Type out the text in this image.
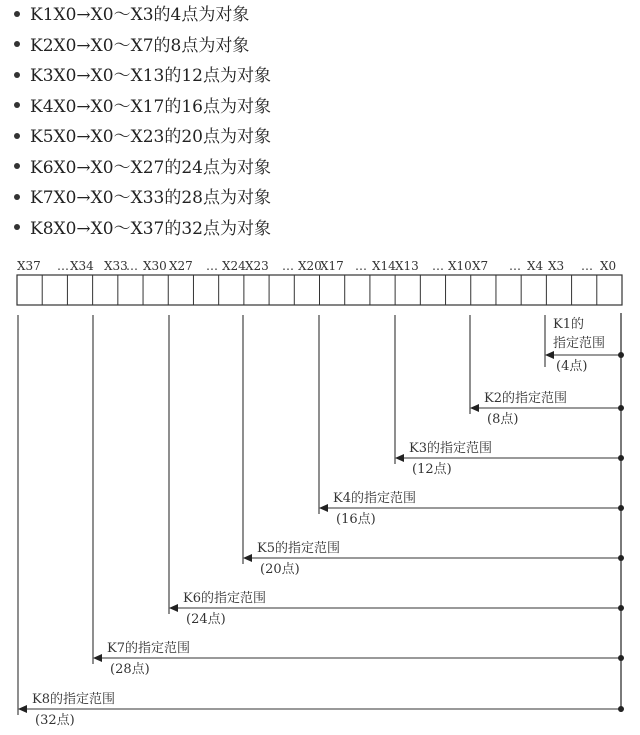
K1X0→X0～X3的4点为对象
K2X0→X0～X7的8点为对象
K3X0→X0～X13的12点为对象
K4X0→X0～X17的16点为对象
K5X0→X0～X23的20点为对象
K6X0→X0～X27的24点为对象
K7X0→X0～X33的28点为对象
K8X0→X0～X37的32点为对象
X37 … X34 X33
… X30 X27 … X24 X23 … X20
X17 … X14 X13 … X10 X7 … X4 X3 … X0
K1的
指定范围
(4点)
K2的指定范围
(8点)
K3的指定范围
(12点)
K4的指定范围
(16点)
K5的指定范围
(20点)
K6的指定范围
(24点)
K7的指定范围
(28点)
K8的指定范围
(32点)
